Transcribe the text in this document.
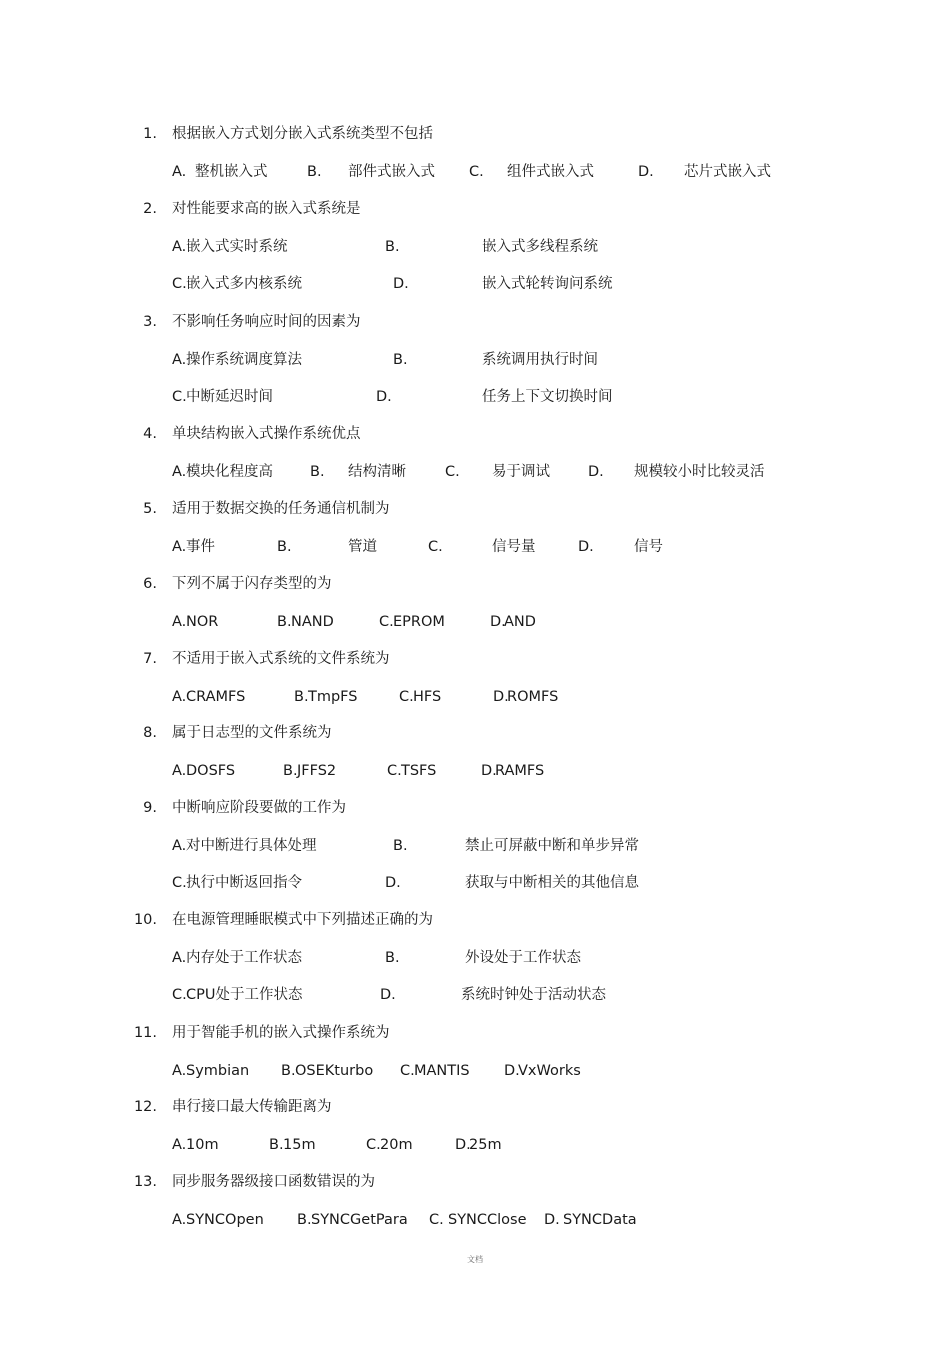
1. 根据嵌入方式划分嵌入式系统类型不包括
A. 整机嵌入式	B. 部件式嵌入式 C. 组件式嵌入式	D. 芯片式嵌入式
2. 对性能要求高的嵌入式系统是
A. 嵌入式实时系统	B.	嵌入式多线程系统
C. 嵌入式多内核系统	D.	嵌入式轮转询问系统
3. 不影响任务响应时间的因素为
A. 操作系统调度算法	B.	系统调用执行时间
C. 中断延迟时间	D.	任务上下文切换时间
4. 单块结构嵌入式操作系统优点
A. 模块化程度高	B. 结构清晰	C. 易于调试	D. 规模较小时比较灵活
5. 适用于数据交换的任务通信机制为
A. 事件	B.	管道	C.	信号量	D.	信号
6. 下列不属于闪存类型的为
A. NOR	B. NAND	C. EPROM	D.
AND
7. 不适用于嵌入式系统的文件系统为
A. CRAMFS	B. TmpFS	C. HFS	D.
ROMFS
8. 属于日志型的文件系统为
A. DOSFS	B. JFFS2	C. TSFS	D.
RAMFS
9. 中断响应阶段要做的工作为
A. 对中断进行具体处理	B.	禁止可屏蔽中断和单步异常
C. 执行中断返回指令	D.	获取与中断相关的其他信息
10. 在电源管理睡眠模式中下列描述正确的为
A. 内存处于工作状态	B.	外设处于工作状态
C. CPU处于工作状态	D.	系统时钟处于活动状态
11. 用于智能手机的嵌入式操作系统为
A. Symbian B. OSEKturbo C. MANTIS D.
VxWorks
12. 串行接口最大传输距离为
A. 10m	B. 15m	C. 20m	D.
25m
13. 同步服务器级接口函数错误的为
A. SYNCOpen B. SYNCGetPara C. SYNCClose D. SYNCData
文档
